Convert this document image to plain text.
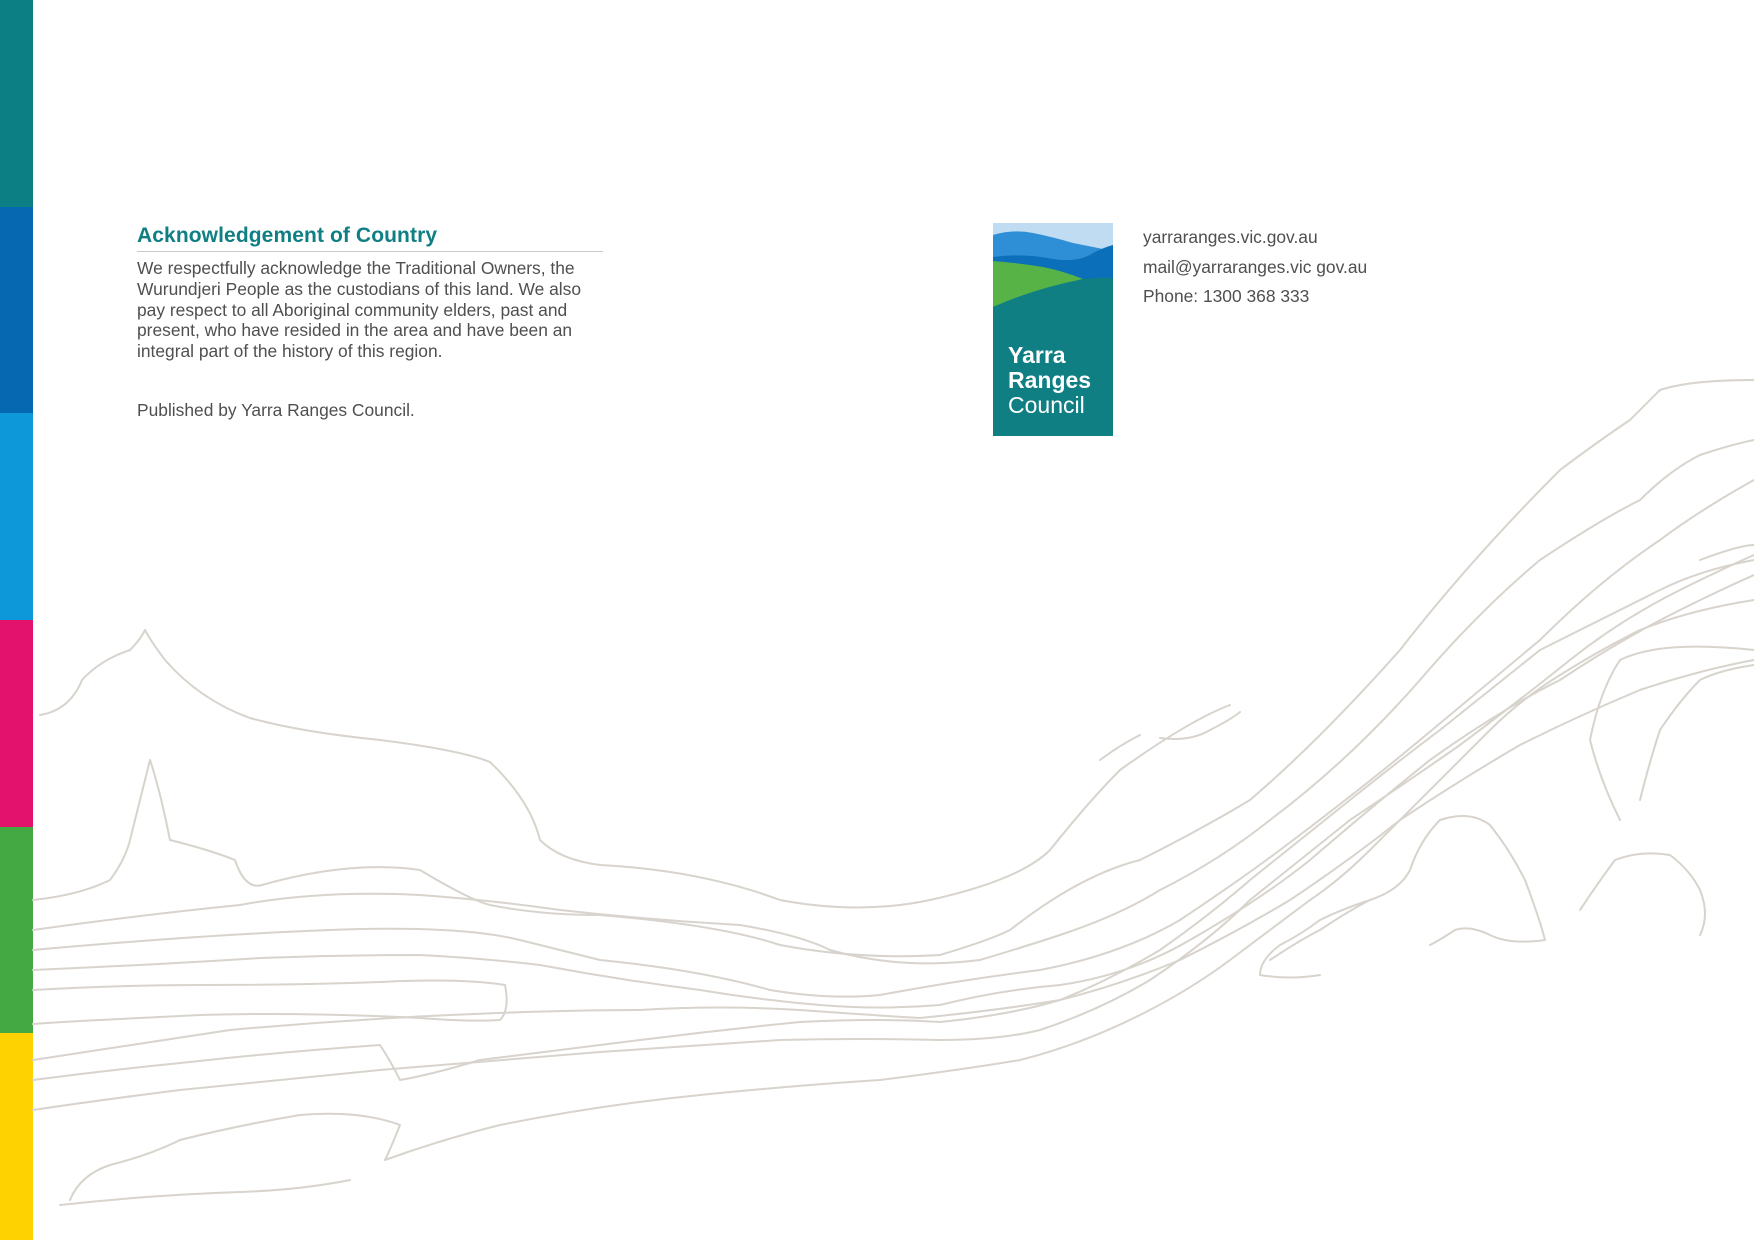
Acknowledgement of Country

We respectfully acknowledge the Traditional Owners, the Wurundjeri People as the custodians of this land. We also pay respect to all Aboriginal community elders, past and present, who have resided in the area and have been an integral part of the history of this region.

Published by Yarra Ranges Council.
Yarra
Ranges
Council
yarraranges.vic.gov.au
mail@yarraranges.vic gov.au
Phone: 1300 368 333
